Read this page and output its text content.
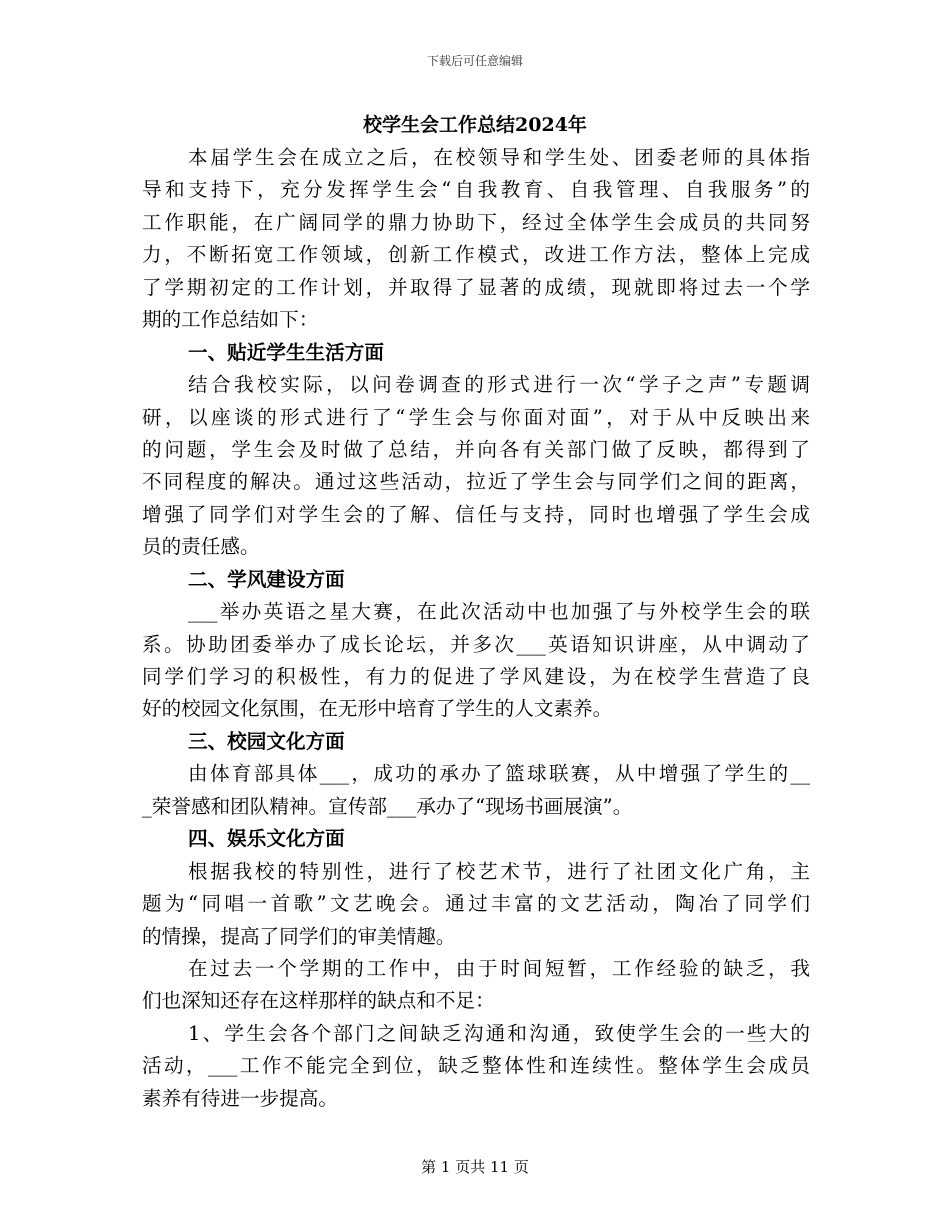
下载后可任意编辑
校学生会工作总结2024年
本届学生会在成立之后，在校领导和学生处、团委老师的具体指
导和支持下，充分发挥学生会“自我教育、自我管理、自我服务”的
工作职能，在广阔同学的鼎力协助下，经过全体学生会成员的共同努
力，不断拓宽工作领域，创新工作模式，改进工作方法，整体上完成
了学期初定的工作计划，并取得了显著的成绩，现就即将过去一个学
期的工作总结如下：
一、贴近学生生活方面
结合我校实际，以问卷调查的形式进行一次“学子之声”专题调
研，以座谈的形式进行了“学生会与你面对面”，对于从中反映出来
的问题，学生会及时做了总结，并向各有关部门做了反映，都得到了
不同程度的解决。通过这些活动，拉近了学生会与同学们之间的距离，
增强了同学们对学生会的了解、信任与支持，同时也增强了学生会成
员的责任感。
二、学风建设方面
___举办英语之星大赛，在此次活动中也加强了与外校学生会的联
系。协助团委举办了成长论坛，并多次___英语知识讲座，从中调动了
同学们学习的积极性，有力的促进了学风建设，为在校学生营造了良
好的校园文化氛围，在无形中培育了学生的人文素养。
三、校园文化方面
由体育部具体___，成功的承办了篮球联赛，从中增强了学生的__
_荣誉感和团队精神。宣传部___承办了“现场书画展演”。
四、娱乐文化方面
根据我校的特别性，进行了校艺术节，进行了社团文化广角，主
题为“同唱一首歌”文艺晚会。通过丰富的文艺活动，陶冶了同学们
的情操，提高了同学们的审美情趣。
在过去一个学期的工作中，由于时间短暂，工作经验的缺乏，我
们也深知还存在这样那样的缺点和不足：
1、学生会各个部门之间缺乏沟通和沟通，致使学生会的一些大的
活动，___工作不能完全到位，缺乏整体性和连续性。整体学生会成员
素养有待进一步提高。
第 1 页共 11 页
